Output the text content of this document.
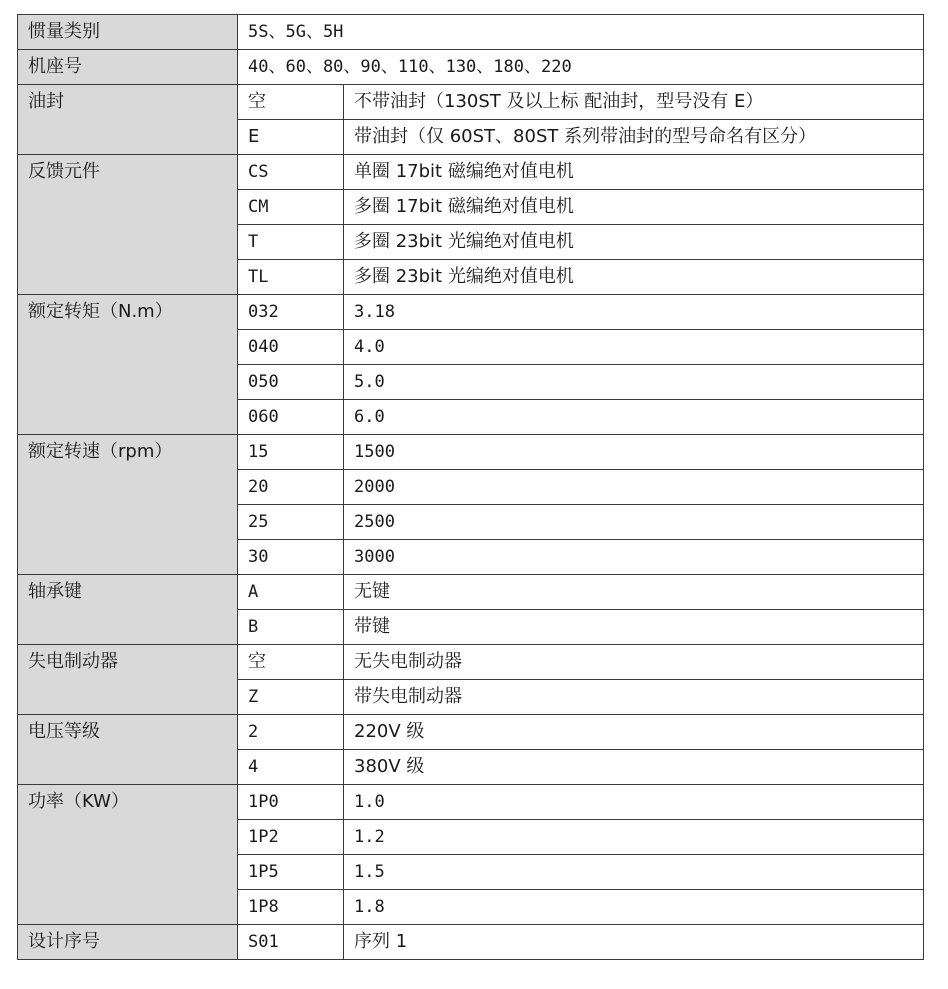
惯量类别	5S、5G、5H	
机座号	40、60、80、90、110、130、180、220	
油封	空	不带油封（130ST 及以上标 配油封，型号没有 E）
	E	带油封（仅 60ST、80ST 系列带油封的型号命名有区分）
反馈元件	CS	单圈 17bit 磁编绝对值电机
	CM	多圈 17bit 磁编绝对值电机
	T	多圈 23bit 光编绝对值电机
	TL	多圈 23bit 光编绝对值电机
额定转矩（N.m）	032	3.18
	040	4.0
	050	5.0
	060	6.0
额定转速（rpm）	15	1500
	20	2000
	25	2500
	30	3000
轴承键	A	无键
	B	带键
失电制动器	空	无失电制动器
	Z	带失电制动器
电压等级	2	220V 级
	4	380V 级
功率（KW）	1P0	1.0
	1P2	1.2
	1P5	1.5
	1P8	1.8
设计序号	S01	序列 1
